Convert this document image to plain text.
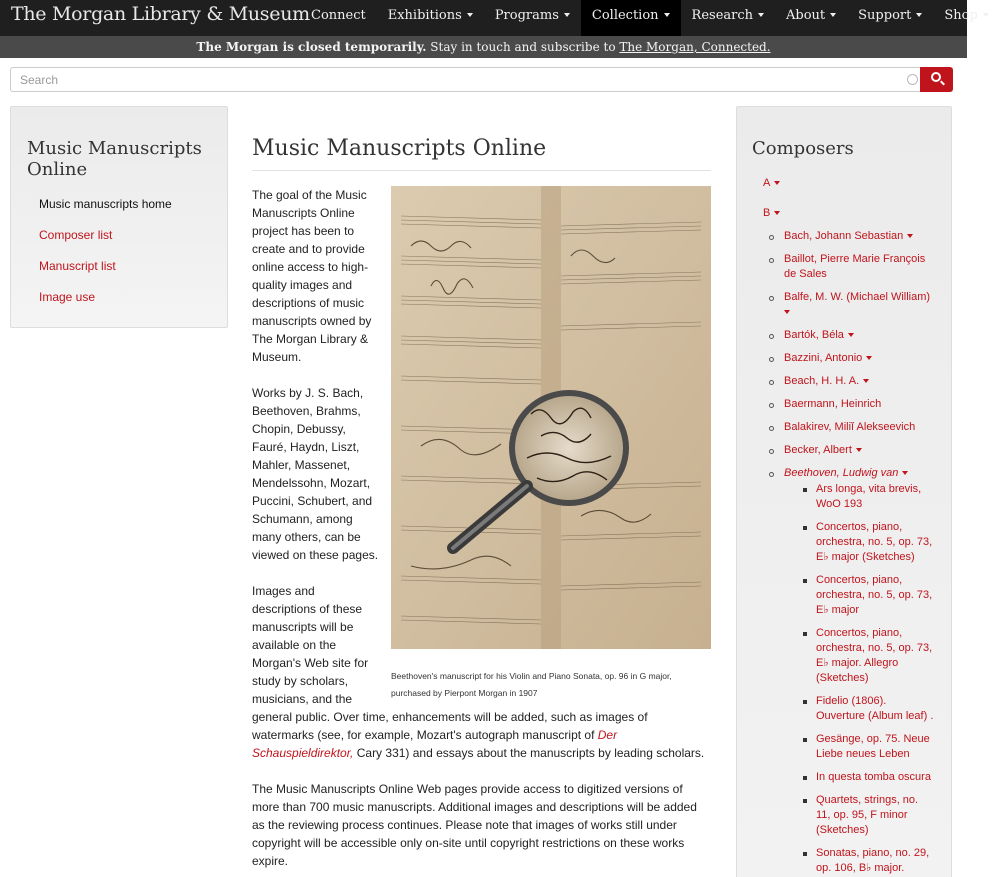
The Morgan Library & Museum Connect	Exhibitions	Programs	Collection	Research	About	Support	Shop
The Morgan is closed temporarily. Stay in touch and subscribe to The Morgan, Connected.
Search
Music Manuscripts Online
Music manuscripts home
Composer list
Manuscript list
Image use
Music Manuscripts Online
The goal of the Music
Manuscripts Online
project has been to
create and to provide
online access to high-
quality images and
descriptions of music
manuscripts owned by
The Morgan Library &
Museum.
Works by J. S. Bach,
Beethoven, Brahms,
Chopin, Debussy,
Fauré, Haydn, Liszt,
Mahler, Massenet,
Mendelssohn, Mozart,
Puccini, Schubert, and
Schumann, among
many others, can be
viewed on these pages.
Images and
descriptions of these
manuscripts will be
available on the
Morgan's Web site for
study by scholars,
musicians, and the
general public. Over time, enhancements will be added, such as images of
watermarks (see, for example, Mozart's autograph manuscript of Der
Schauspieldirektor, Cary 331) and essays about the manuscripts by leading scholars.
The Music Manuscripts Online Web pages provide access to digitized versions of
more than 700 music manuscripts. Additional images and descriptions will be added
as the reviewing process continues. Please note that images of works still under
copyright will be accessible only on-site until copyright restrictions on these works
expire.
Beethoven's manuscript for his Violin and Piano Sonata, op. 96 in G major,
purchased by Pierpont Morgan in 1907
Composers
A
B
Bach, Johann Sebastian
Baillot, Pierre Marie François
de Sales
Balfe, M. W. (Michael William)
Bartók, Béla
Bazzini, Antonio
Beach, H. H. A.
Baermann, Heinrich
Balakirev, Miliĭ Alekseevich
Becker, Albert
Beethoven, Ludwig van
Ars longa, vita brevis,
WoO 193
Concertos, piano,
orchestra, no. 5, op. 73,
E♭ major (Sketches)
Concertos, piano,
orchestra, no. 5, op. 73,
E♭ major
Concertos, piano,
orchestra, no. 5, op. 73,
E♭ major. Allegro
(Sketches)
Fidelio (1806).
Ouverture (Album leaf) .
Gesänge, op. 75. Neue
Liebe neues Leben
In questa tomba oscura
Quartets, strings, no.
11, op. 95, F minor
(Sketches)
Sonatas, piano, no. 29,
op. 106, B♭ major.
